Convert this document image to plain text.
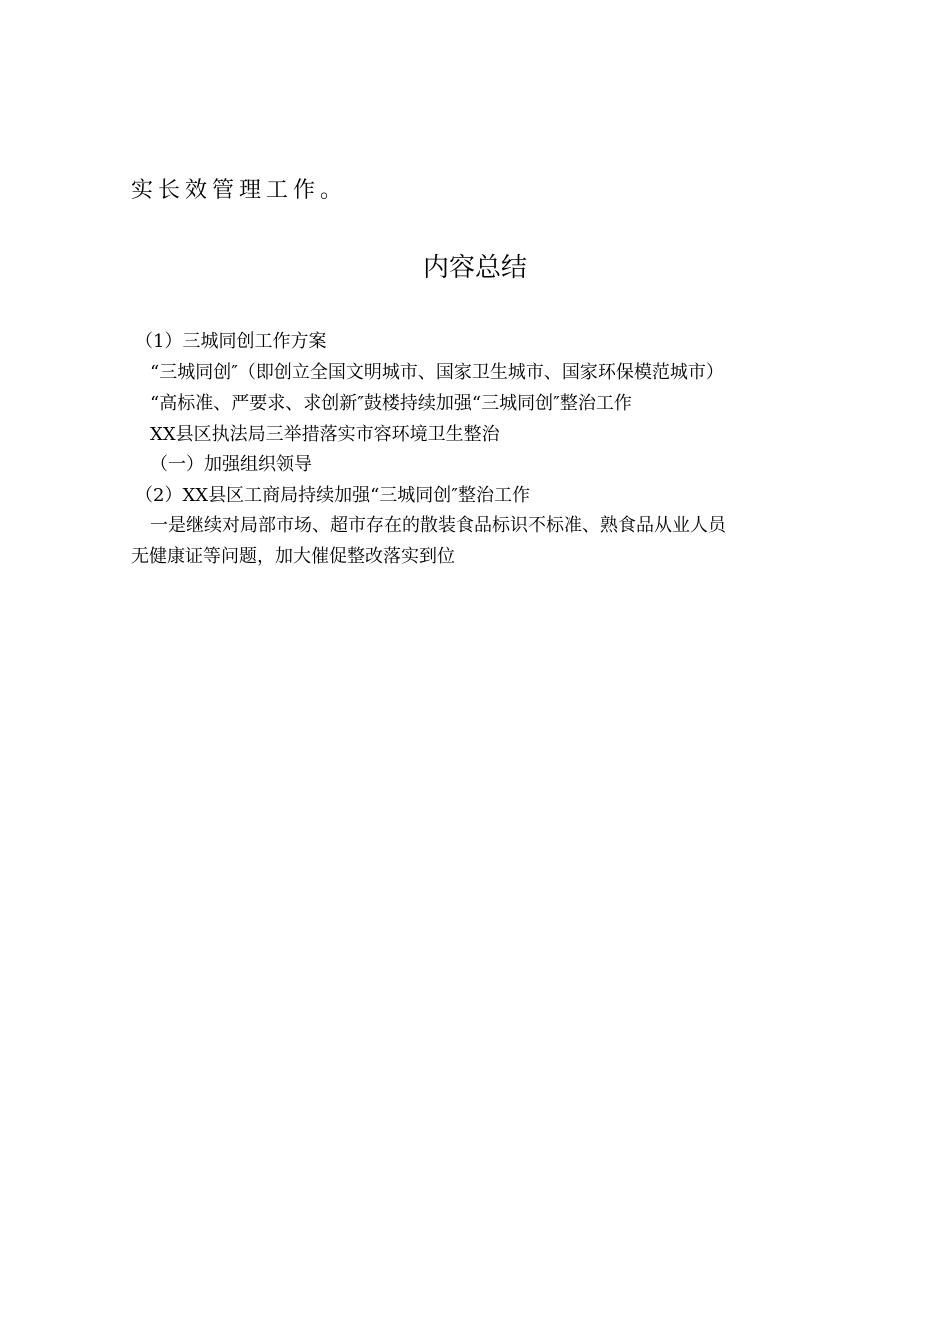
实长效管理工作。
内容总结
（1）三城同创工作方案
“三城同创″（即创立全国文明城市、国家卫生城市、国家环保模范城市）
“高标准、严要求、求创新″鼓楼持续加强“三城同创″整治工作
XX县区执法局三举措落实市容环境卫生整治
（一）加强组织领导
（2）XX县区工商局持续加强“三城同创″整治工作
一是继续对局部市场、超市存在的散装食品标识不标准、熟食品从业人员
无健康证等问题，加大催促整改落实到位
